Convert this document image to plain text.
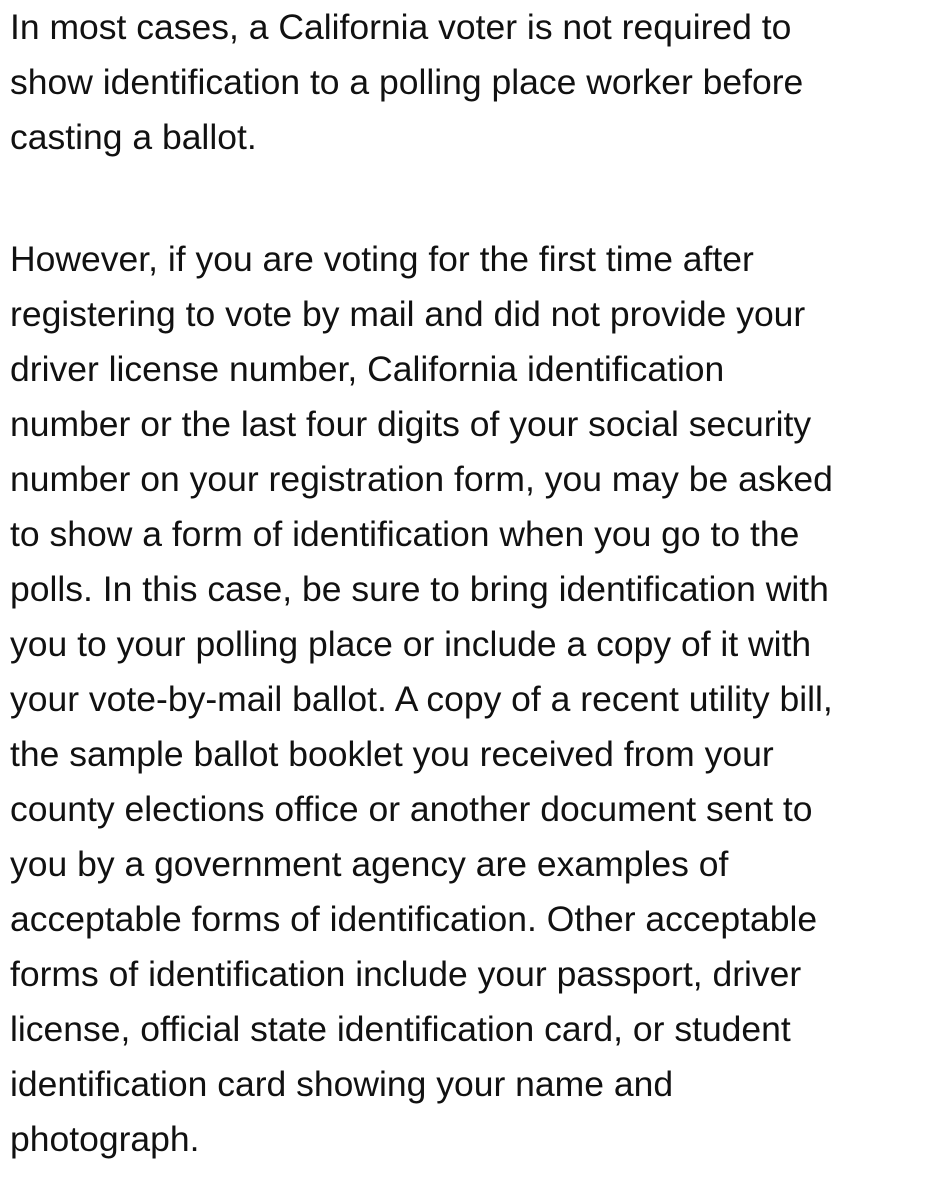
In most cases, a California voter is not required to
show identification to a polling place worker before
casting a ballot.
However, if you are voting for the first time after
registering to vote by mail and did not provide your
driver license number, California identification
number or the last four digits of your social security
number on your registration form, you may be asked
to show a form of identification when you go to the
polls. In this case, be sure to bring identification with
you to your polling place or include a copy of it with
your vote-by-mail ballot. A copy of a recent utility bill,
the sample ballot booklet you received from your
county elections office or another document sent to
you by a government agency are examples of
acceptable forms of identification. Other acceptable
forms of identification include your passport, driver
license, official state identification card, or student
identification card showing your name and
photograph.
